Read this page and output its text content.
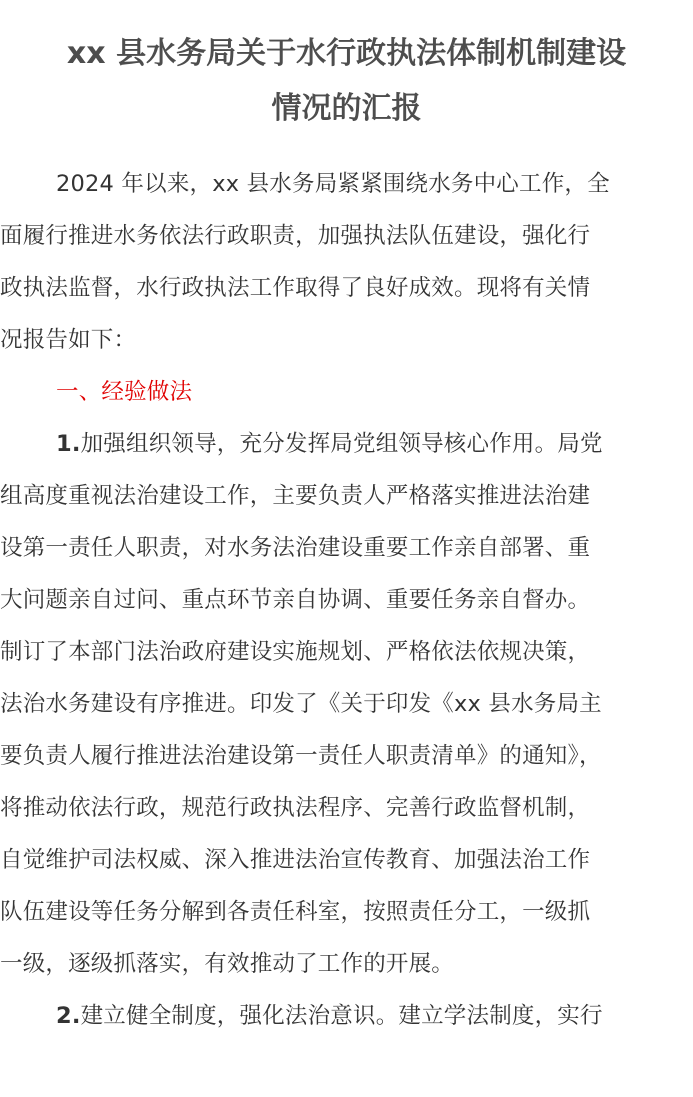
xx 县水务局关于水行政执法体制机制建设
情况的汇报
2024 年以来，xx 县水务局紧紧围绕水务中心工作，全
面履行推进水务依法行政职责，加强执法队伍建设，强化行
政执法监督，水行政执法工作取得了良好成效。现将有关情
况报告如下：
一、经验做法
1.加强组织领导，充分发挥局党组领导核心作用。局党
组高度重视法治建设工作，主要负责人严格落实推进法治建
设第一责任人职责，对水务法治建设重要工作亲自部署、重
大问题亲自过问、重点环节亲自协调、重要任务亲自督办。
制订了本部门法治政府建设实施规划、严格依法依规决策，
法治水务建设有序推进。印发了《关于印发《xx 县水务局主
要负责人履行推进法治建设第一责任人职责清单》的通知》，
将推动依法行政，规范行政执法程序、完善行政监督机制，
自觉维护司法权威、深入推进法治宣传教育、加强法治工作
队伍建设等任务分解到各责任科室，按照责任分工，一级抓
一级，逐级抓落实，有效推动了工作的开展。
2.建立健全制度，强化法治意识。建立学法制度，实行
